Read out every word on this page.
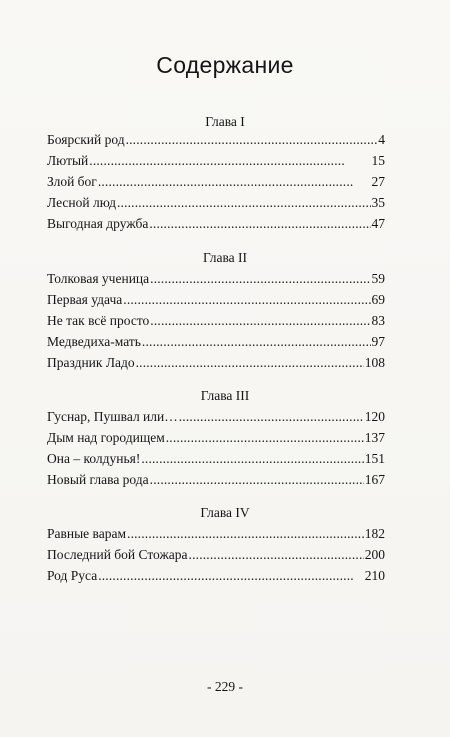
Содержание
Глава I
Боярский род . . .	4
Лютый . . .	15
Злой бог . . .	27
Лесной люд . . .	35
Выгодная дружба . . .	47
Глава II
Толковая ученица . . .	59
Первая удача . . .	69
Не так всё просто . . .	83
Медведиха-мать . . .	97
Праздник Ладо . . .	108
Глава III
Гуснар, Пушвал или… . . .	120
Дым над городищем . . .	137
Она – колдунья! . . .	151
Новый глава рода . . .	167
Глава IV
Равные варам . . .	182
Последний бой Стожара . . .	200
Род Руса . . .	210
- 229 -
